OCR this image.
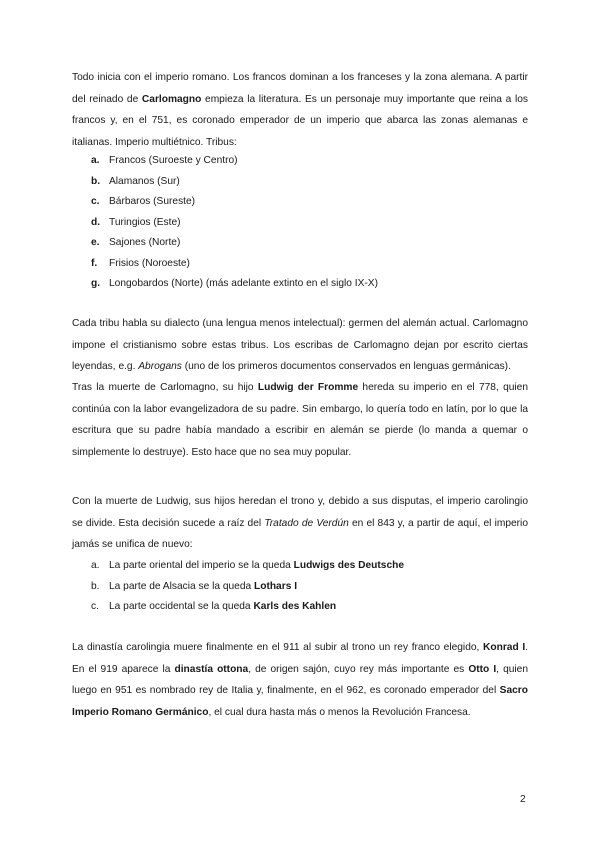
Todo inicia con el imperio romano. Los francos dominan a los franceses y la zona alemana. A partir del reinado de Carlomagno empieza la literatura. Es un personaje muy importante que reina a los francos y, en el 751, es coronado emperador de un imperio que abarca las zonas alemanas e italianas. Imperio multiétnico. Tribus:

a. Francos (Suroeste y Centro)
b. Alamanos (Sur)
c. Bárbaros (Sureste)
d. Turingios (Este)
e. Sajones (Norte)
f. Frisios (Noroeste)
g. Longobardos (Norte) (más adelante extinto en el siglo IX-X)

Cada tribu habla su dialecto (una lengua menos intelectual): germen del alemán actual. Carlomagno impone el cristianismo sobre estas tribus. Los escribas de Carlomagno dejan por escrito ciertas leyendas, e.g. Abrogans (uno de los primeros documentos conservados en lenguas germánicas).

Tras la muerte de Carlomagno, su hijo Ludwig der Fromme hereda su imperio en el 778, quien continúa con la labor evangelizadora de su padre. Sin embargo, lo quería todo en latín, por lo que la escritura que su padre había mandado a escribir en alemán se pierde (lo manda a quemar o simplemente lo destruye). Esto hace que no sea muy popular.

Con la muerte de Ludwig, sus hijos heredan el trono y, debido a sus disputas, el imperio carolingio se divide. Esta decisión sucede a raíz del Tratado de Verdún en el 843 y, a partir de aquí, el imperio jamás se unifica de nuevo:

a. La parte oriental del imperio se la queda Ludwigs des Deutsche
b. La parte de Alsacia se la queda Lothars I
c. La parte occidental se la queda Karls des Kahlen

La dinastía carolingia muere finalmente en el 911 al subir al trono un rey franco elegido, Konrad I. En el 919 aparece la dinastía ottona, de origen sajón, cuyo rey más importante es Otto I, quien luego en 951 es nombrado rey de Italia y, finalmente, en el 962, es coronado emperador del Sacro Imperio Romano Germánico, el cual dura hasta más o menos la Revolución Francesa.

2
